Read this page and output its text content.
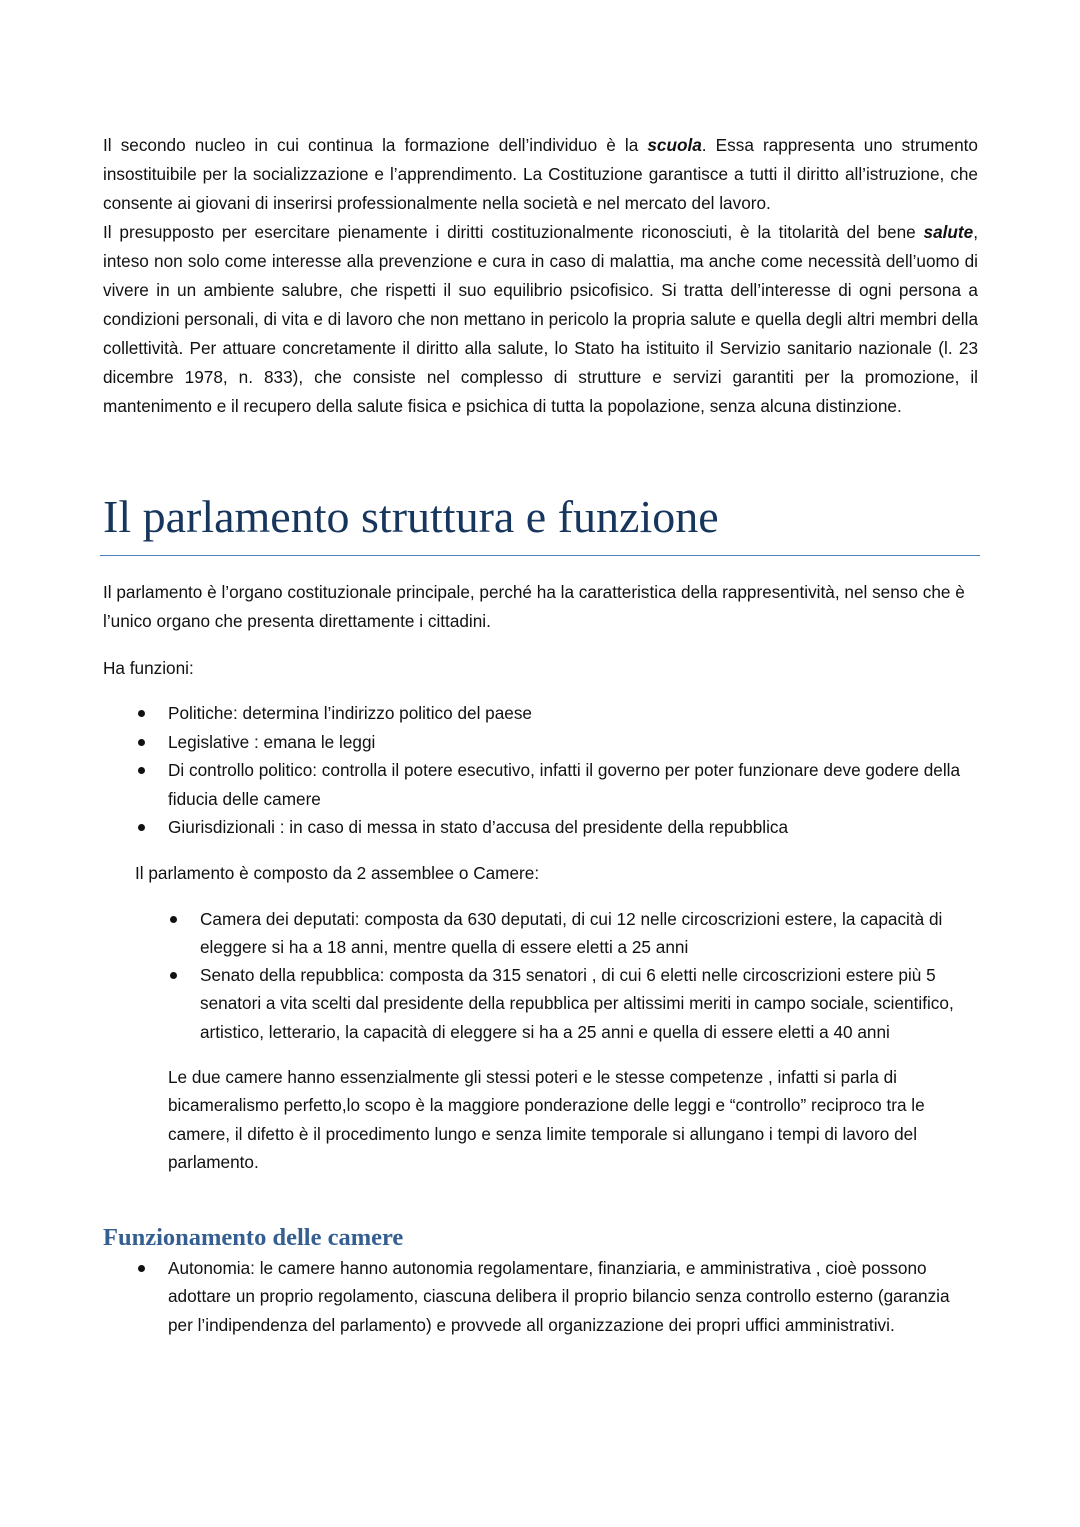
Il secondo nucleo in cui continua la formazione dell’individuo è la scuola. Essa rappresenta uno strumento insostituibile per la socializzazione e l’apprendimento. La Costituzione garantisce a tutti il diritto all’istruzione, che consente ai giovani di inserirsi professionalmente nella società e nel mercato del lavoro.

Il presupposto per esercitare pienamente i diritti costituzionalmente riconosciuti, è la titolarità del bene salute, inteso non solo come interesse alla prevenzione e cura in caso di malattia, ma anche come necessità dell’uomo di vivere in un ambiente salubre, che rispetti il suo equilibrio psicofisico. Si tratta dell’interesse di ogni persona a condizioni personali, di vita e di lavoro che non mettano in pericolo la propria salute e quella degli altri membri della collettività. Per attuare concretamente il diritto alla salute, lo Stato ha istituito il Servizio sanitario nazionale (l. 23 dicembre 1978, n. 833), che consiste nel complesso di strutture e servizi garantiti per la promozione, il mantenimento e il recupero della salute fisica e psichica di tutta la popolazione, senza alcuna distinzione.

Il parlamento struttura e funzione

Il parlamento è l’organo costituzionale principale, perché ha la caratteristica della rappresentività, nel senso che è l’unico organo che presenta direttamente i cittadini.

Ha funzioni:

Politiche: determina l’indirizzo politico del paese
Legislative : emana le leggi
Di controllo politico: controlla il potere esecutivo, infatti il governo per poter funzionare deve godere della fiducia delle camere
Giurisdizionali : in caso di messa in stato d’accusa del presidente della repubblica

Il parlamento è composto da 2 assemblee o Camere:

Camera dei deputati: composta da 630 deputati, di cui 12 nelle circoscrizioni estere, la capacità di eleggere si ha a 18 anni, mentre quella di essere eletti a 25 anni
Senato della repubblica: composta da 315 senatori , di cui 6 eletti nelle circoscrizioni estere più 5 senatori a vita scelti dal presidente della repubblica per altissimi meriti in campo sociale, scientifico, artistico, letterario, la capacità di eleggere si ha a 25 anni e quella di essere eletti a 40 anni

Le due camere hanno essenzialmente gli stessi poteri e le stesse competenze , infatti si parla di bicameralismo perfetto,lo scopo è la maggiore ponderazione delle leggi e “controllo” reciproco tra le camere, il difetto è il procedimento lungo e senza limite temporale si allungano i tempi di lavoro del parlamento.

Funzionamento delle camere
Autonomia: le camere hanno autonomia regolamentare, finanziaria, e amministrativa , cioè possono adottare un proprio regolamento, ciascuna delibera il proprio bilancio senza controllo esterno (garanzia per l’indipendenza del parlamento) e provvede all organizzazione dei propri uffici amministrativi.
